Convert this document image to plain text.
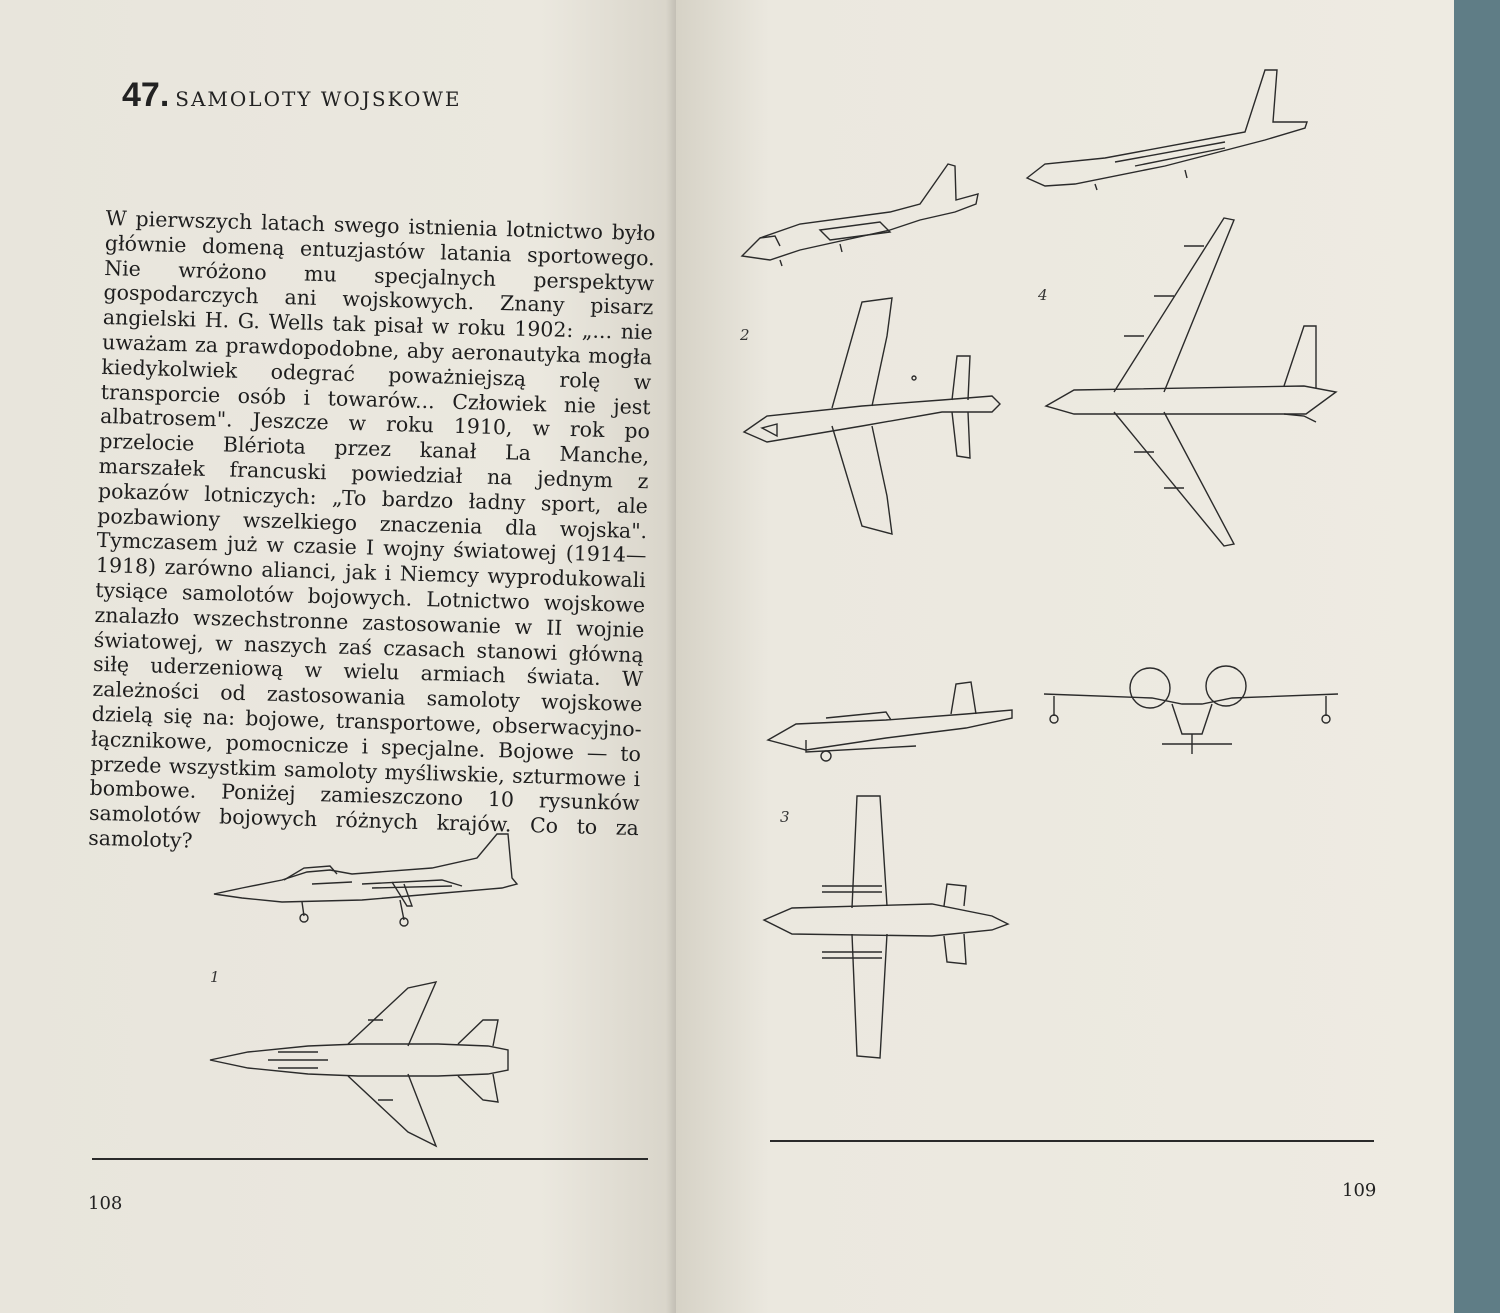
47. SAMOLOTY WOJSKOWE
W pierwszych latach swego istnienia lotnictwo było głównie domeną entuzjastów latania sportowego. Nie wróżono mu specjalnych perspektyw gospodarczych ani wojskowych. Znany pisarz angielski H. G. Wells tak pisał w roku 1902: „... nie uważam za prawdopodobne, aby aeronautyka mogła kiedykolwiek odegrać poważniejszą rolę w transporcie osób i towarów... Człowiek nie jest albatrosem". Jeszcze w roku 1910, w rok po przelocie Blériota przez kanał La Manche, marszałek francuski powiedział na jednym z pokazów lotniczych: „To bardzo ładny sport, ale pozbawiony wszelkiego znaczenia dla wojska". Tymczasem już w czasie I wojny światowej (1914—1918) zarówno alianci, jak i Niemcy wyprodukowali tysiące samolotów bojowych. Lotnictwo wojskowe znalazło wszechstronne zastosowanie w II wojnie światowej, w naszych zaś czasach stanowi główną siłę uderzeniową w wielu armiach świata. W zależności od zastosowania samoloty wojskowe dzielą się na: bojowe, transportowe, obserwacyjno-łącznikowe, pomocnicze i specjalne. Bojowe — to przede wszystkim samoloty myśliwskie, szturmowe i bombowe. Poniżej zamieszczono 10 rysunków samolotów bojowych różnych krajów. Co to za samoloty?
1
108
2
4
3
109
